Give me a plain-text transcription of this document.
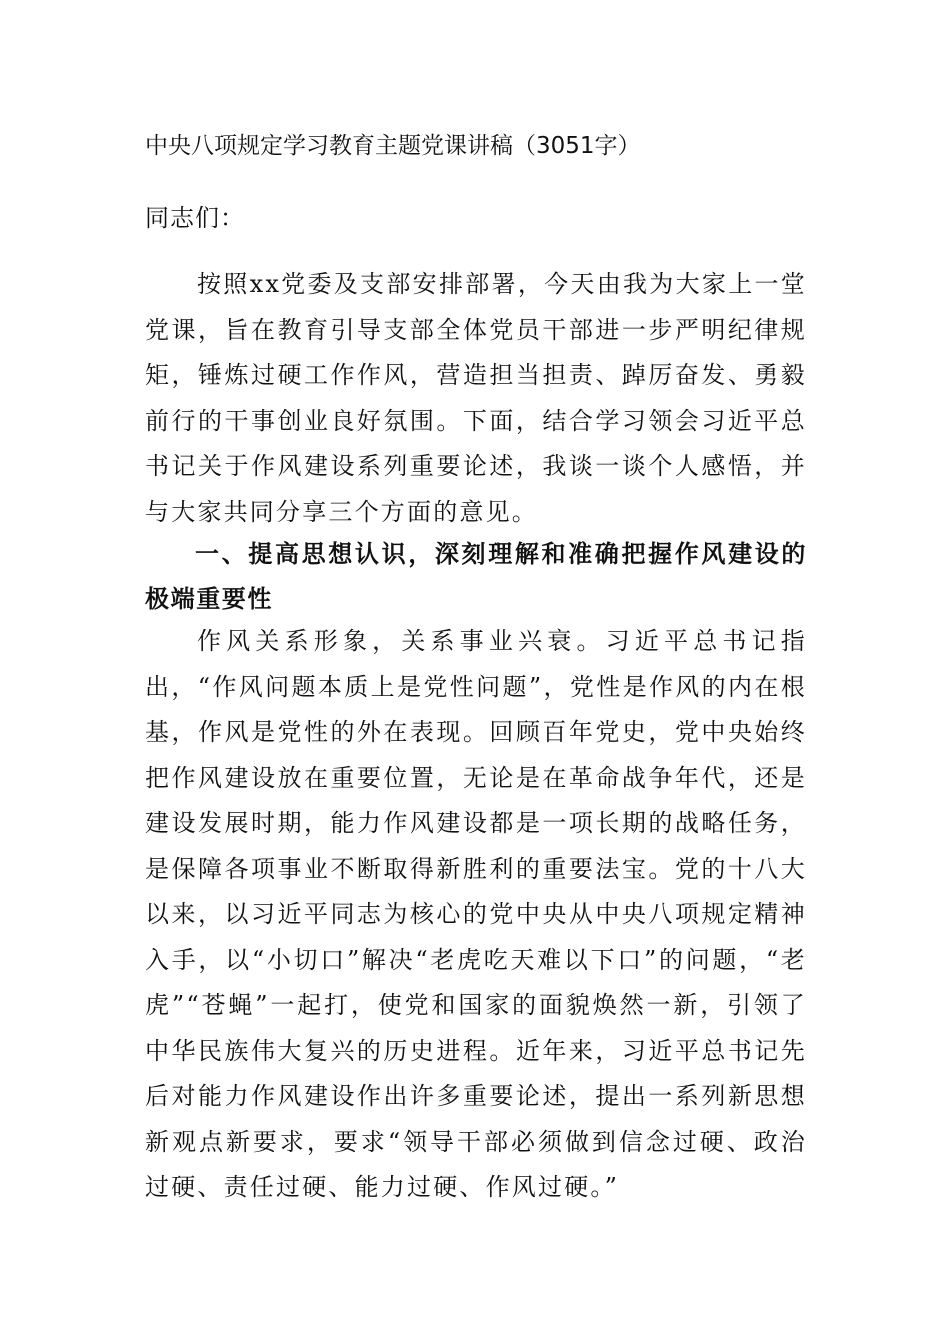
中央八项规定学习教育主题党课讲稿（3051字）
同志们：

按照xx党委及支部安排部署，今天由我为大家上一堂党课，旨在教育引导支部全体党员干部进一步严明纪律规矩，锤炼过硬工作作风，营造担当担责、踔厉奋发、勇毅前行的干事创业良好氛围。下面，结合学习领会习近平总书记关于作风建设系列重要论述，我谈一谈个人感悟，并与大家共同分享三个方面的意见。

一、提高思想认识，深刻理解和准确把握作风建设的极端重要性

作风关系形象，关系事业兴衰。习近平总书记指出，“作风问题本质上是党性问题”，党性是作风的内在根基，作风是党性的外在表现。回顾百年党史，党中央始终把作风建设放在重要位置，无论是在革命战争年代，还是建设发展时期，能力作风建设都是一项长期的战略任务，是保障各项事业不断取得新胜利的重要法宝。党的十八大以来，以习近平同志为核心的党中央从中央八项规定精神入手，以“小切口”解决“老虎吃天难以下口”的问题，“老虎”“苍蝇”一起打，使党和国家的面貌焕然一新，引领了中华民族伟大复兴的历史进程。近年来，习近平总书记先后对能力作风建设作出许多重要论述，提出一系列新思想新观点新要求，要求“领导干部必须做到信念过硬、政治过硬、责任过硬、能力过硬、作风过硬。”
